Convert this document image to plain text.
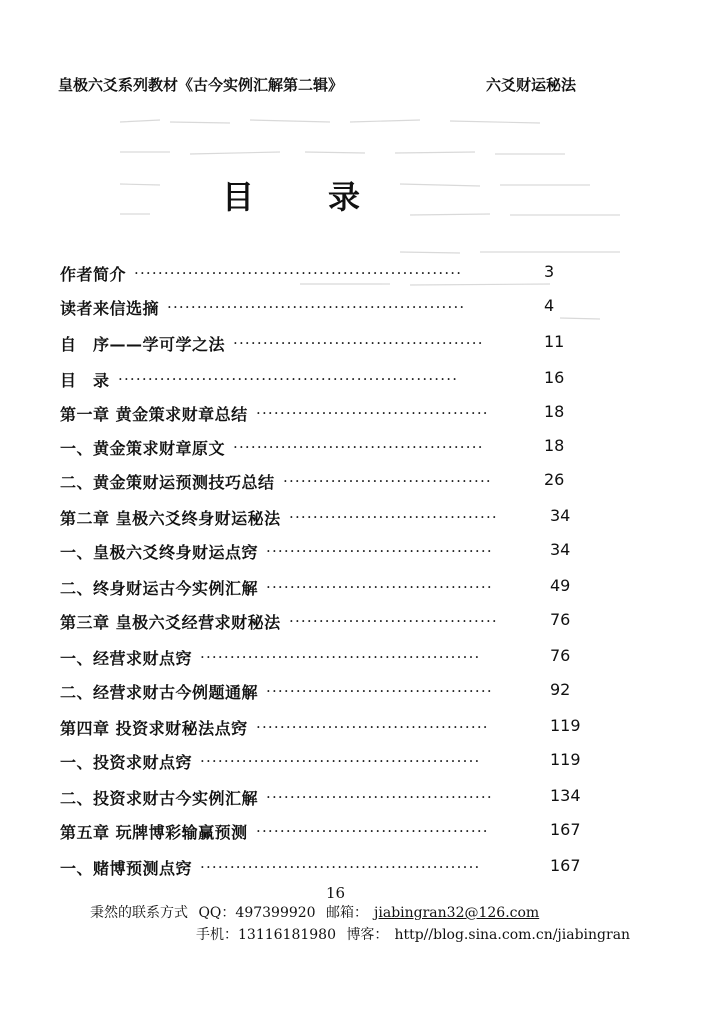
皇极六爻系列教材《古今实例汇解第二辑》	六爻财运秘法
目 录
作者简介 ·······················································	3
读者来信选摘 ··················································	4
自　序——学可学之法 ··········································	11
目　录 ·························································	16
第一章 黄金策求财章总结 ·······································	18
一、黄金策求财章原文 ··········································	18
二、黄金策财运预测技巧总结 ···································	26
第二章 皇极六爻终身财运秘法 ···································	34
一、皇极六爻终身财运点窍 ······································	34
二、终身财运古今实例汇解 ······································	49
第三章 皇极六爻经营求财秘法 ···································	76
一、经营求财点窍 ···············································	76
二、经营求财古今例题通解 ······································	92
第四章 投资求财秘法点窍 ·······································	119
一、投资求财点窍 ···············································	119
二、投资求财古今实例汇解 ······································	134
第五章 玩牌博彩输赢预测 ·······································	167
一、赌博预测点窍 ···············································	167
16
秉然的联系方式 QQ：497399920 邮箱： jiabingran32@126.com
手机：13116181980 博客： http//blog.sina.com.cn/jiabingran
